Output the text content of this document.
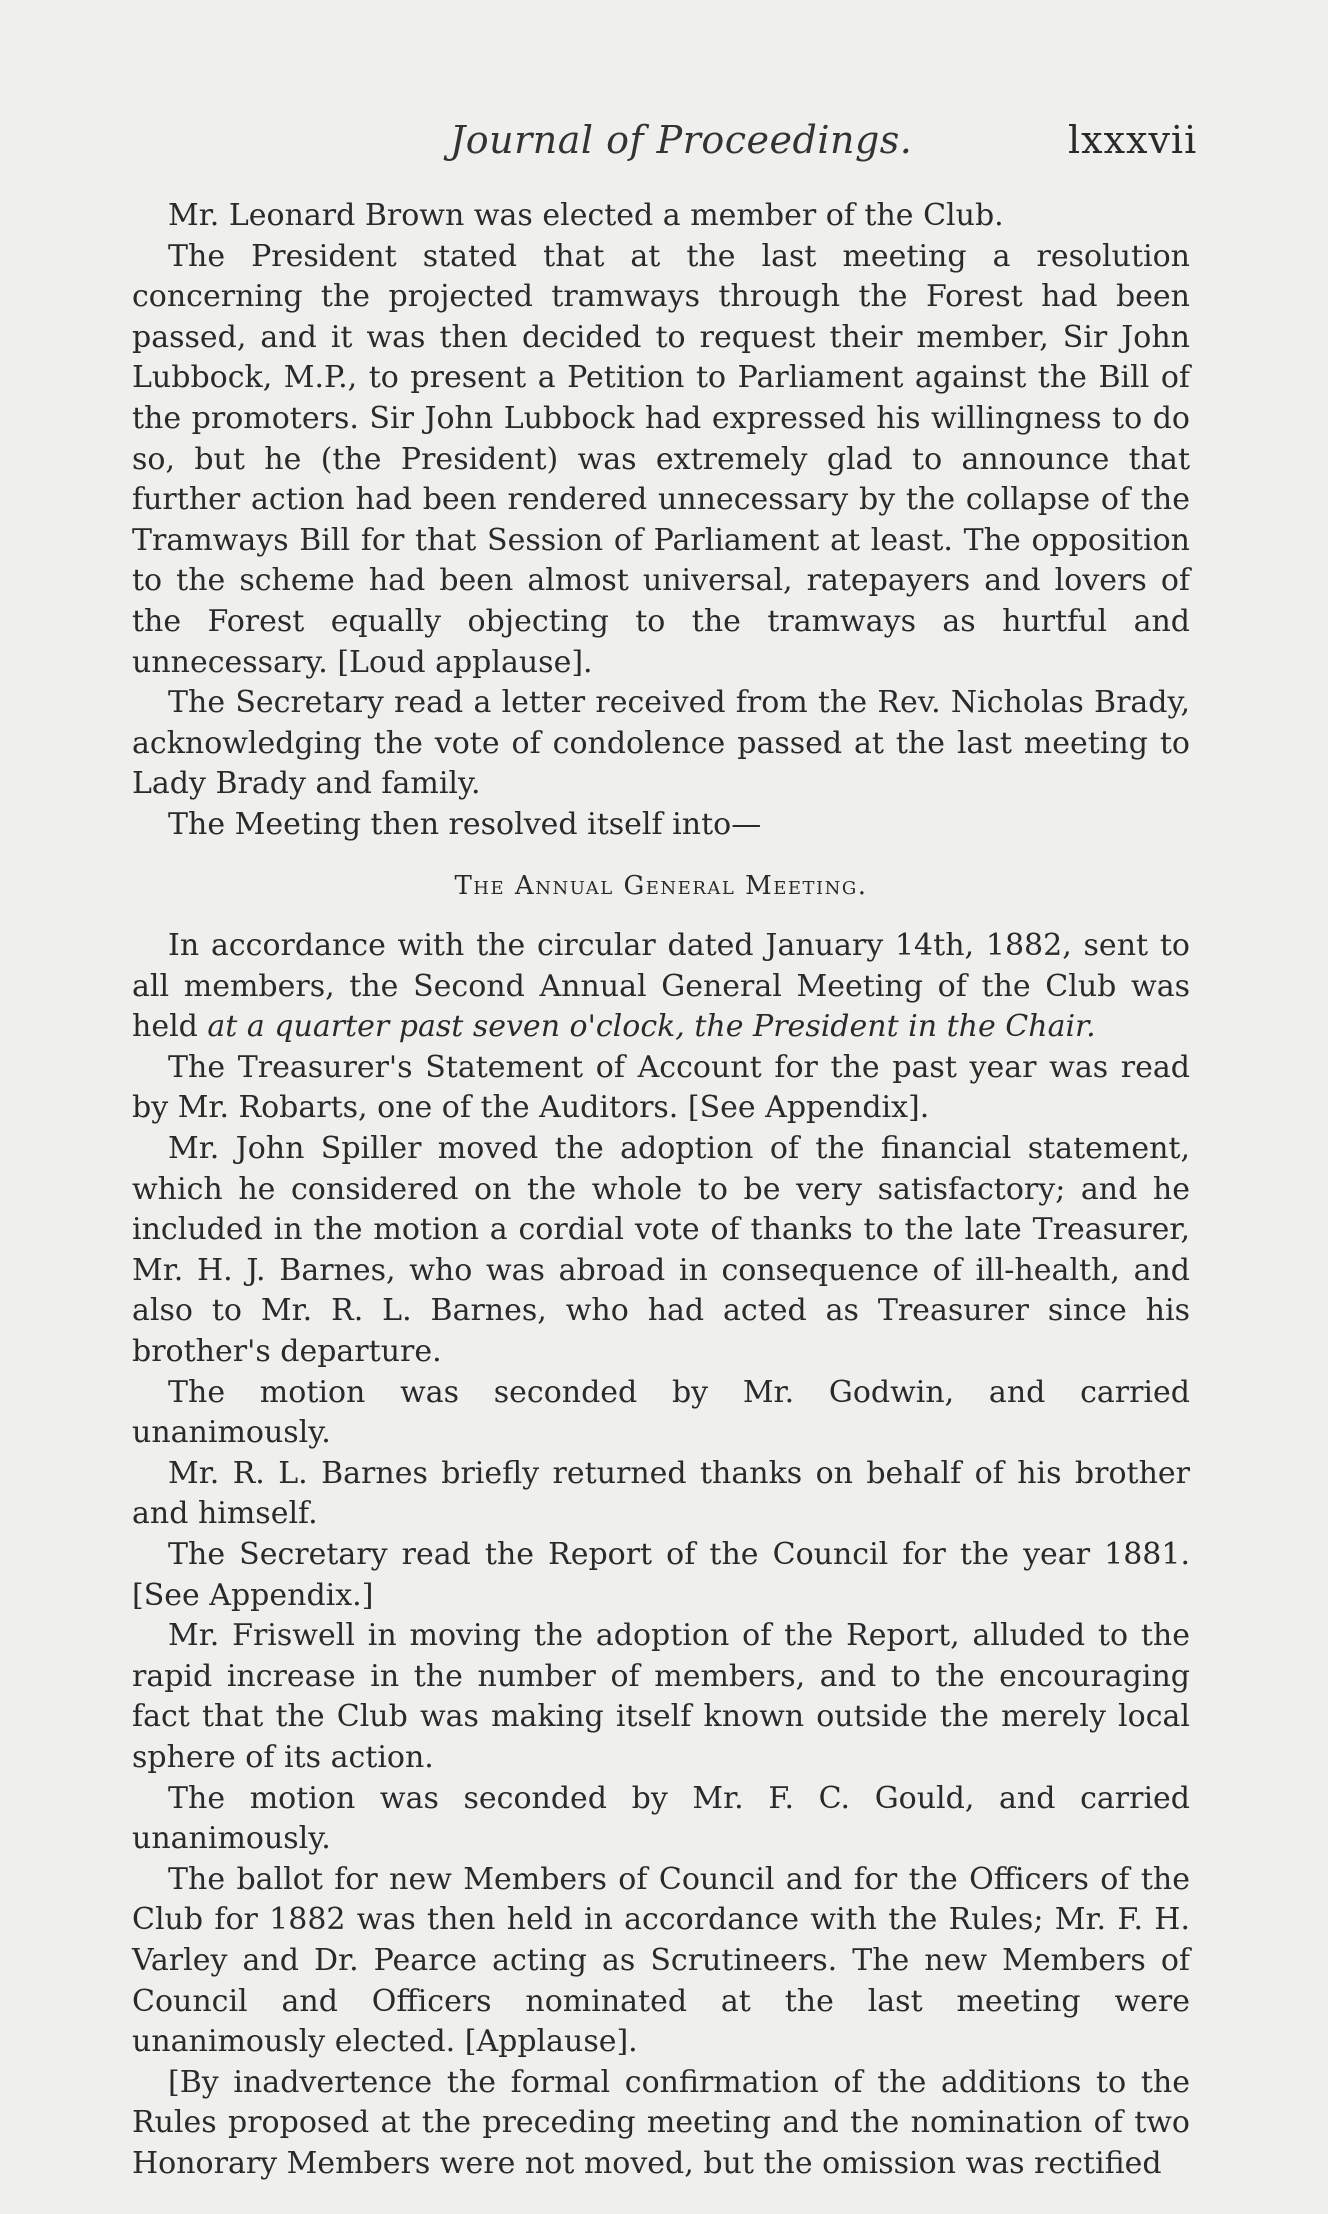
Journal of Proceedings.	lxxxvii

Mr. Leonard Brown was elected a member of the Club.

The President stated that at the last meeting a resolution concerning the projected tramways through the Forest had been passed, and it was then decided to request their member, Sir John Lubbock, M.P., to present a Petition to Parliament against the Bill of the promoters. Sir John Lubbock had expressed his willingness to do so, but he (the President) was extremely glad to announce that further action had been rendered unnecessary by the collapse of the Tramways Bill for that Session of Parliament at least. The opposition to the scheme had been almost universal, ratepayers and lovers of the Forest equally objecting to the tramways as hurtful and unnecessary. [Loud applause].

The Secretary read a letter received from the Rev. Nicholas Brady, acknowledging the vote of condolence passed at the last meeting to Lady Brady and family.

The Meeting then resolved itself into—

The Annual General Meeting.

In accordance with the circular dated January 14th, 1882, sent to all members, the Second Annual General Meeting of the Club was held at a quarter past seven o'clock, the President in the Chair.

The Treasurer's Statement of Account for the past year was read by Mr. Robarts, one of the Auditors. [See Appendix].

Mr. John Spiller moved the adoption of the financial statement, which he considered on the whole to be very satisfactory; and he included in the motion a cordial vote of thanks to the late Treasurer, Mr. H. J. Barnes, who was abroad in consequence of ill-health, and also to Mr. R. L. Barnes, who had acted as Treasurer since his brother's departure.

The motion was seconded by Mr. Godwin, and carried unanimously.

Mr. R. L. Barnes briefly returned thanks on behalf of his brother and himself.

The Secretary read the Report of the Council for the year 1881. [See Appendix.]

Mr. Friswell in moving the adoption of the Report, alluded to the rapid increase in the number of members, and to the encouraging fact that the Club was making itself known outside the merely local sphere of its action.

The motion was seconded by Mr. F. C. Gould, and carried unanimously.

The ballot for new Members of Council and for the Officers of the Club for 1882 was then held in accordance with the Rules; Mr. F. H. Varley and Dr. Pearce acting as Scrutineers. The new Members of Council and Officers nominated at the last meeting were unanimously elected. [Applause].

[By inadvertence the formal confirmation of the additions to the Rules proposed at the preceding meeting and the nomination of two Honorary Members were not moved, but the omission was rectified
